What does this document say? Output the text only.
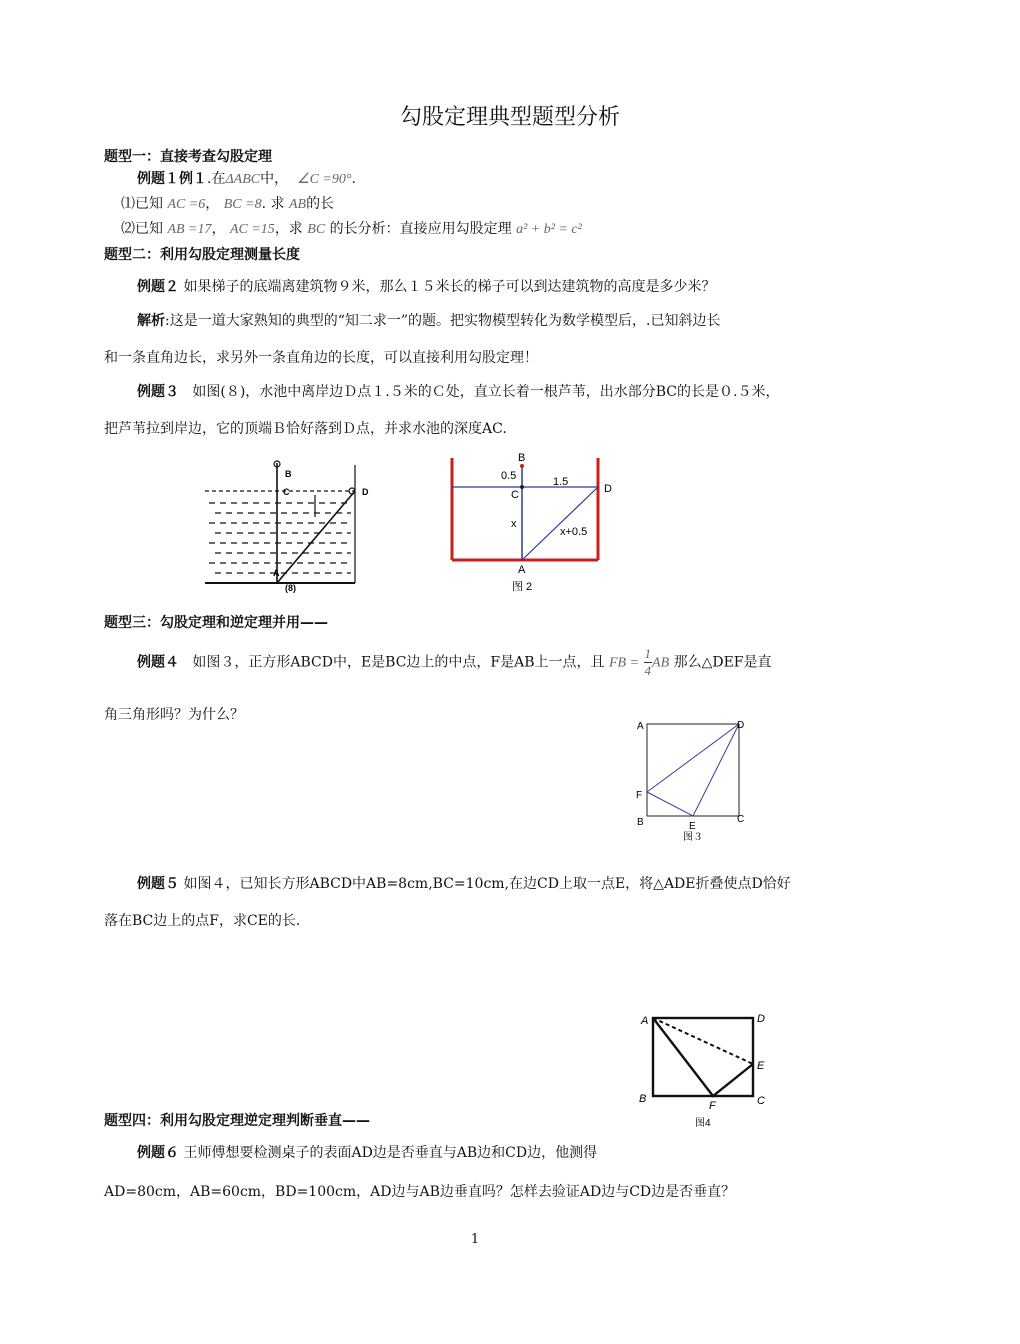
勾股定理典型题型分析
题型一：直接考查勾股定理
例题１例１.在ΔABC中， ∠C =90°.
⑴已知 AC =6， BC =8. 求 AB的长
⑵已知 AB =17， AC =15，求 BC 的长分析：直接应用勾股定理 a² + b² = c²
题型二：利用勾股定理测量长度
例题２ 如果梯子的底端离建筑物９米，那么１５米长的梯子可以到达建筑物的高度是多少米？
解析:这是一道大家熟知的典型的“知二求一”的题。把实物模型转化为数学模型后，.已知斜边长
和一条直角边长，求另外一条直角边的长度，可以直接利用勾股定理！
例题３ 如图(８)，水池中离岸边Ｄ点１.５米的Ｃ处，直立长着一根芦苇，出水部分BC的长是０.５米，
把芦苇拉到岸边，它的顶端Ｂ恰好落到Ｄ点，并求水池的深度AC.
B
C	D
A
(8)
B
0.5	1.5
D
C
x
x+0.5
A
图 2
题型三：勾股定理和逆定理并用——
例题４ 如图３，正方形ABCD中，E是BC边上的中点，F是AB上一点，且 FB = $\frac{1}{4}$ AB 那么△DEF是直
角三角形吗？为什么？
A	D
F
B	E
C
图３
例题５ 如图４，已知长方形ABCD中AB=8cm,BC=10cm,在边CD上取一点E，将△ADE折叠使点D恰好
落在BC边上的点F，求CE的长.
A	D
E
B
F	C
图4
题型四：利用勾股定理逆定理判断垂直——
例题６ 王师傅想要检测桌子的表面AD边是否垂直与AB边和CD边，他测得
AD=80cm，AB=60cm，BD=100cm，AD边与AB边垂直吗？怎样去验证AD边与CD边是否垂直？
1
